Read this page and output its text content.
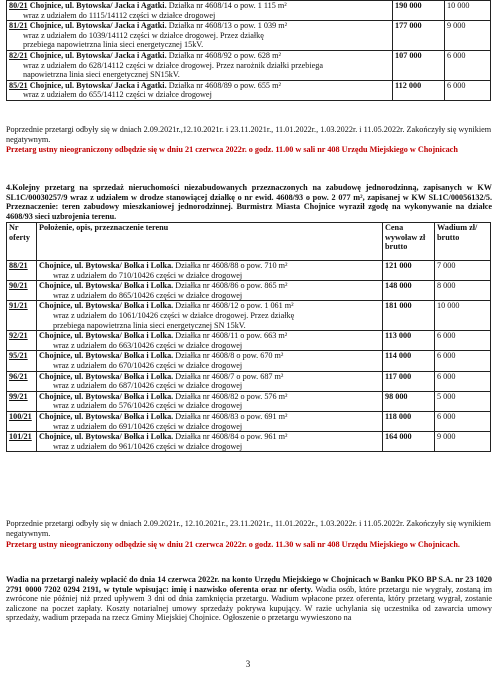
80/21 Chojnice, ul. Bytowska/ Jacka i Agatki. Działka nr 4608/14 o pow. 1 115 m²
wraz z udziałem do 1115/14112 części w działce drogowej	190 000	10 000
81/21 Chojnice, ul. Bytowska/ Jacka i Agatki. Działka nr 4608/13 o pow. 1 039 m²
wraz z udziałem do 1039/14112 części w działce drogowej. Przez działkę
przebiega napowietrzna linia sieci energetycznej 15kV.	177 000	9 000
82/21 Chojnice, ul. Bytowska/ Jacka i Agatki. Działka nr 4608/92 o pow. 628 m²
wraz z udziałem do 628/14112 części w działce drogowej. Przez narożnik działki przebiega
napowietrzna linia sieci energetycznej SN15kV.	107 000	6 000
85/21 Chojnice, ul. Bytowska/ Jacka i Agatki. Działka nr 4608/89 o pow. 655 m²
wraz z udziałem do 655/14112 części w działce drogowej	112 000	6 000
Poprzednie przetargi odbyły się w dniach 2.09.2021r.,12.10.2021r. i 23.11.2021r., 11.01.2022r., 1.03.2022r. i 11.05.2022r. Zakończyły się wynikiem negatywnym.
Przetarg ustny nieograniczony odbędzie się w dniu 21 czerwca 2022r. o godz. 11.00 w sali nr 408 Urzędu Miejskiego w Chojnicach
4.Kolejny przetarg na sprzedaż nieruchomości niezabudowanych przeznaczonych na zabudowę jednorodzinną, zapisanych w KW SL1C/00030257/9 wraz z udziałem w drodze stanowiącej działkę o nr ewid. 4608/93 o pow. 2 077 m², zapisanej w KW SL1C/00056132/5. Przeznaczenie: teren zabudowy mieszkaniowej jednorodzinnej. Burmistrz Miasta Chojnice wyraził zgodę na wykonywanie na działce 4608/93 sieci uzbrojenia terenu.
Nr oferty	Położenie, opis, przeznaczenie terenu	Cena wywoław zł brutto	Wadium zł/ brutto
88/21	Chojnice, ul. Bytowska/ Bołka i Lolka. Działka nr 4608/88 o pow. 710 m²
wraz z udziałem do 710/10426 części w działce drogowej	121 000	7 000
90/21	Chojnice, ul. Bytowska/ Bołka i Lolka. Działka nr 4608/86 o pow. 865 m²
wraz z udziałem do 865/10426 części w działce drogowej	148 000	8 000
91/21	Chojnice, ul. Bytowska/ Bołka i Lolka. Działka nr 4608/12 o pow. 1 061 m²
wraz z udziałem do 1061/10426 części w działce drogowej. Przez działkę
przebiega napowietrzna linia sieci energetycznej SN 15kV.	181 000	10 000
92/21	Chojnice, ul. Bytowska/ Bołka i Lolka. Działka nr 4608/11 o pow. 663 m²
wraz z udziałem do 663/10426 części w działce drogowej	113 000	6 000
95/21	Chojnice, ul. Bytowska/ Bołka i Lolka. Działka nr 4608/8 o pow. 670 m²
wraz z udziałem do 670/10426 części w działce drogowej	114 000	6 000
96/21	Chojnice, ul. Bytowska/ Bołka i Lolka. Działka nr 4608/7 o pow. 687 m²
wraz z udziałem do 687/10426 części w działce drogowej	117 000	6 000
99/21	Chojnice, ul. Bytowska/ Bołka i Lolka. Działka nr 4608/82 o pow. 576 m²
wraz z udziałem do 576/10426 części w działce drogowej	98 000	5 000
100/21	Chojnice, ul. Bytowska/ Bołka i Lolka. Działka nr 4608/83 o pow. 691 m²
wraz z udziałem do 691/10426 części w działce drogowej	118 000	6 000
101/21	Chojnice, ul. Bytowska/ Bołka i Lolka. Działka nr 4608/84 o pow. 961 m²
wraz z udziałem do 961/10426 części w działce drogowej	164 000	9 000
Poprzednie przetargi odbyły się w dniach 2.09.2021r., 12.10.2021r., 23.11.2021r., 11.01.2022r., 1.03.2022r. i 11.05.2022r. Zakończyły się wynikiem negatywnym.
Przetarg ustny nieograniczony odbędzie się w dniu 21 czerwca 2022r. o godz. 11.30 w sali nr 408 Urzędu Miejskiego w Chojnicach.
Wadia na przetargi należy wpłacić do dnia 14 czerwca 2022r. na konto Urzędu Miejskiego w Chojnicach w Banku PKO BP S.A. nr 23 1020 2791 0000 7202 0294 2191, w tytule wpisując: imię i nazwisko oferenta oraz nr oferty. Wadia osób, które przetargu nie wygrały, zostaną im zwrócone nie później niż przed upływem 3 dni od dnia zamknięcia przetargu. Wadium wpłacone przez oferenta, który przetarg wygrał, zostanie zaliczone na poczet zapłaty. Koszty notarialnej umowy sprzedaży pokrywa kupujący. W razie uchylania się uczestnika od zawarcia umowy sprzedaży, wadium przepada na rzecz Gminy Miejskiej Chojnice. Ogłoszenie o przetargu wywieszono na
3
